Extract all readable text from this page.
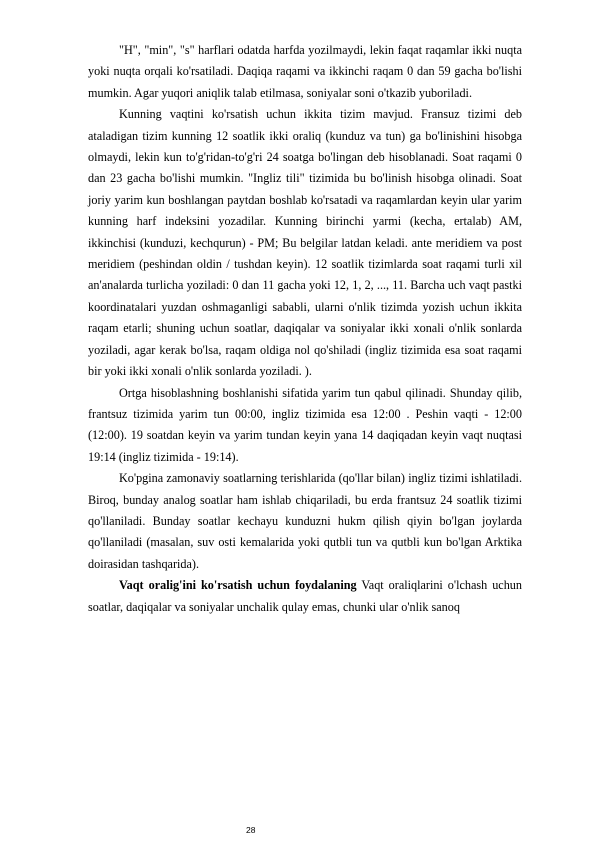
"H", "min", "s" harflari odatda harfda yozilmaydi, lekin faqat raqamlar ikki nuqta yoki nuqta orqali ko'rsatiladi. Daqiqa raqami va ikkinchi raqam 0 dan 59 gacha bo'lishi mumkin. Agar yuqori aniqlik talab etilmasa, soniyalar soni o'tkazib yuboriladi.

Kunning vaqtini ko'rsatish uchun ikkita tizim mavjud. Fransuz tizimi deb ataladigan tizim kunning 12 soatlik ikki oraliq (kunduz va tun) ga bo'linishini hisobga olmaydi, lekin kun to'g'ridan-to'g'ri 24 soatga bo'lingan deb hisoblanadi. Soat raqami 0 dan 23 gacha bo'lishi mumkin. "Ingliz tili" tizimida bu bo'linish hisobga olinadi. Soat joriy yarim kun boshlangan paytdan boshlab ko'rsatadi va raqamlardan keyin ular yarim kunning harf indeksini yozadilar. Kunning birinchi yarmi (kecha, ertalab) AM, ikkinchisi (kunduzi, kechqurun) - PM; Bu belgilar latdan keladi. ante meridiem va post meridiem (peshindan oldin / tushdan keyin). 12 soatlik tizimlarda soat raqami turli xil an'analarda turlicha yoziladi: 0 dan 11 gacha yoki 12, 1, 2, ..., 11. Barcha uch vaqt pastki koordinatalari yuzdan oshmaganligi sababli, ularni o'nlik tizimda yozish uchun ikkita raqam etarli; shuning uchun soatlar, daqiqalar va soniyalar ikki xonali o'nlik sonlarda yoziladi, agar kerak bo'lsa, raqam oldiga nol qo'shiladi (ingliz tizimida esa soat raqami bir yoki ikki xonali o'nlik sonlarda yoziladi. ).

Ortga hisoblashning boshlanishi sifatida yarim tun qabul qilinadi. Shunday qilib, frantsuz tizimida yarim tun 00:00, ingliz tizimida esa 12:00 . Peshin vaqti - 12:00 (12:00). 19 soatdan keyin va yarim tundan keyin yana 14 daqiqadan keyin vaqt nuqtasi 19:14 (ingliz tizimida - 19:14).

Ko'pgina zamonaviy soatlarning terishlarida (qo'llar bilan) ingliz tizimi ishlatiladi. Biroq, bunday analog soatlar ham ishlab chiqariladi, bu erda frantsuz 24 soatlik tizimi qo'llaniladi. Bunday soatlar kechayu kunduzni hukm qilish qiyin bo'lgan joylarda qo'llaniladi (masalan, suv osti kemalarida yoki qutbli tun va qutbli kun bo'lgan Arktika doirasidan tashqarida).

Vaqt oralig'ini ko'rsatish uchun foydalaning Vaqt oraliqlarini o'lchash uchun soatlar, daqiqalar va soniyalar unchalik qulay emas, chunki ular o'nlik sanoq

28
